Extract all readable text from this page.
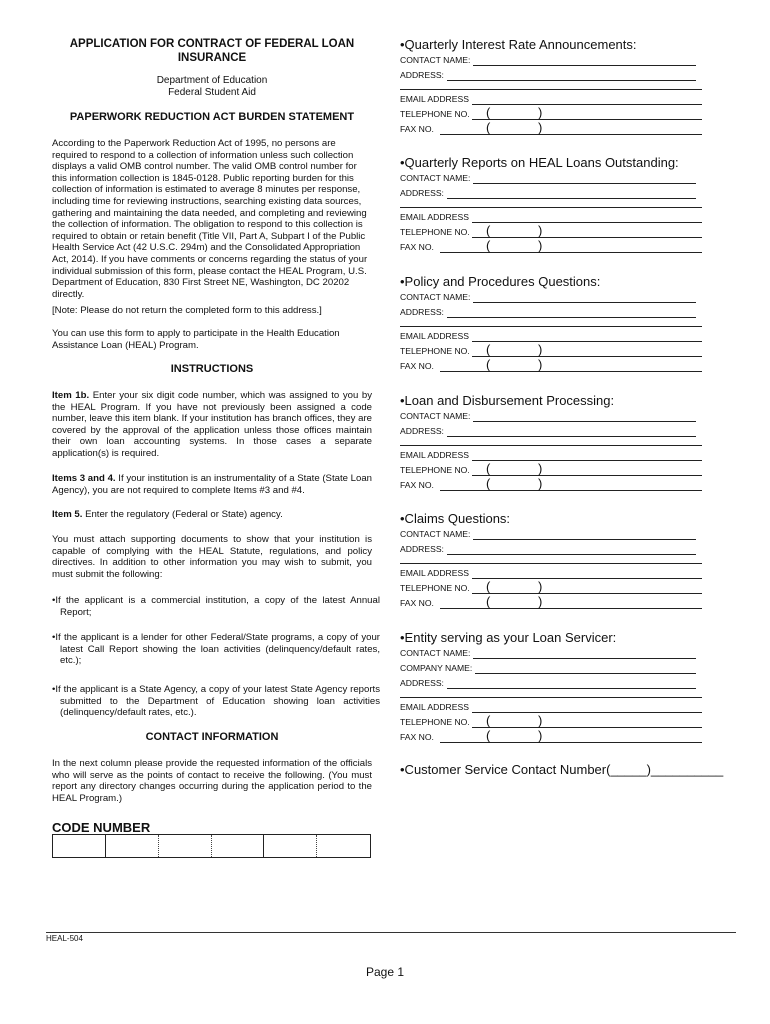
APPLICATION FOR CONTRACT OF FEDERAL LOAN INSURANCE
Department of Education
Federal Student Aid
PAPERWORK REDUCTION ACT BURDEN STATEMENT
According to the Paperwork Reduction Act of 1995, no persons are required to respond to a collection of information unless such collection displays a valid OMB control number. The valid OMB control number for this information collection is 1845-0128. Public reporting burden for this collection of information is estimated to average 8 minutes per response, including time for reviewing instructions, searching existing data sources, gathering and maintaining the data needed, and completing and reviewing the collection of information. The obligation to respond to this collection is required to obtain or retain benefit (Title VII, Part A, Subpart I of the Public Health Service Act (42 U.S.C. 294m) and the Consolidated Appropriation Act, 2014). If you have comments or concerns regarding the status of your individual submission of this form, please contact the HEAL Program, U.S. Department of Education, 830 First Street NE, Washington, DC 20202 directly.
[Note: Please do not return the completed form to this address.]
You can use this form to apply to participate in the Health Education Assistance Loan (HEAL) Program.
INSTRUCTIONS
Item 1b. Enter your six digit code number, which was assigned to you by the HEAL Program. If you have not previously been assigned a code number, leave this item blank. If your institution has branch offices, they are covered by the approval of the application unless those offices maintain their own loan accounting systems. In those cases a separate application(s) is required.
Items 3 and 4. If your institution is an instrumentality of a State (State Loan Agency), you are not required to complete Items #3 and #4.
Item 5. Enter the regulatory (Federal or State) agency.
You must attach supporting documents to show that your institution is capable of complying with the HEAL Statute, regulations, and policy directives. In addition to other information you may wish to submit, you must submit the following:
•If the applicant is a commercial institution, a copy of the latest Annual Report;
•If the applicant is a lender for other Federal/State programs, a copy of your latest Call Report showing the loan activities (delinquency/default rates, etc.);
•If the applicant is a State Agency, a copy of your latest State Agency reports submitted to the Department of Education showing loan activities (delinquency/default rates, etc.).
CONTACT INFORMATION
In the next column please provide the requested information of the officials who will serve as the points of contact to receive the following. (You must report any directory changes occurring during the application period to the HEAL Program.)
CODE NUMBER
•Quarterly Interest Rate Announcements:
CONTACT NAME:
ADDRESS:
EMAIL ADDRESS
TELEPHONE NO. (	)
FAX NO.	(	)
•Quarterly Reports on HEAL Loans Outstanding:
CONTACT NAME:
ADDRESS:
EMAIL ADDRESS
TELEPHONE NO. (	)
FAX NO.	(	)
•Policy and Procedures Questions:
CONTACT NAME:
ADDRESS:
EMAIL ADDRESS
TELEPHONE NO. (	)
FAX NO.	(	)
•Loan and Disbursement Processing:
CONTACT NAME:
ADDRESS:
EMAIL ADDRESS
TELEPHONE NO. (	)
FAX NO.	(	)
•Claims Questions:
CONTACT NAME:
ADDRESS:
EMAIL ADDRESS
TELEPHONE NO. (	)
FAX NO.	(	)
•Entity serving as your Loan Servicer:
CONTACT NAME:
COMPANY NAME:
ADDRESS:
EMAIL ADDRESS
TELEPHONE NO. (	)
FAX NO.	(	)
•Customer Service Contact Number(_____)__________
HEAL-504
Page 1
